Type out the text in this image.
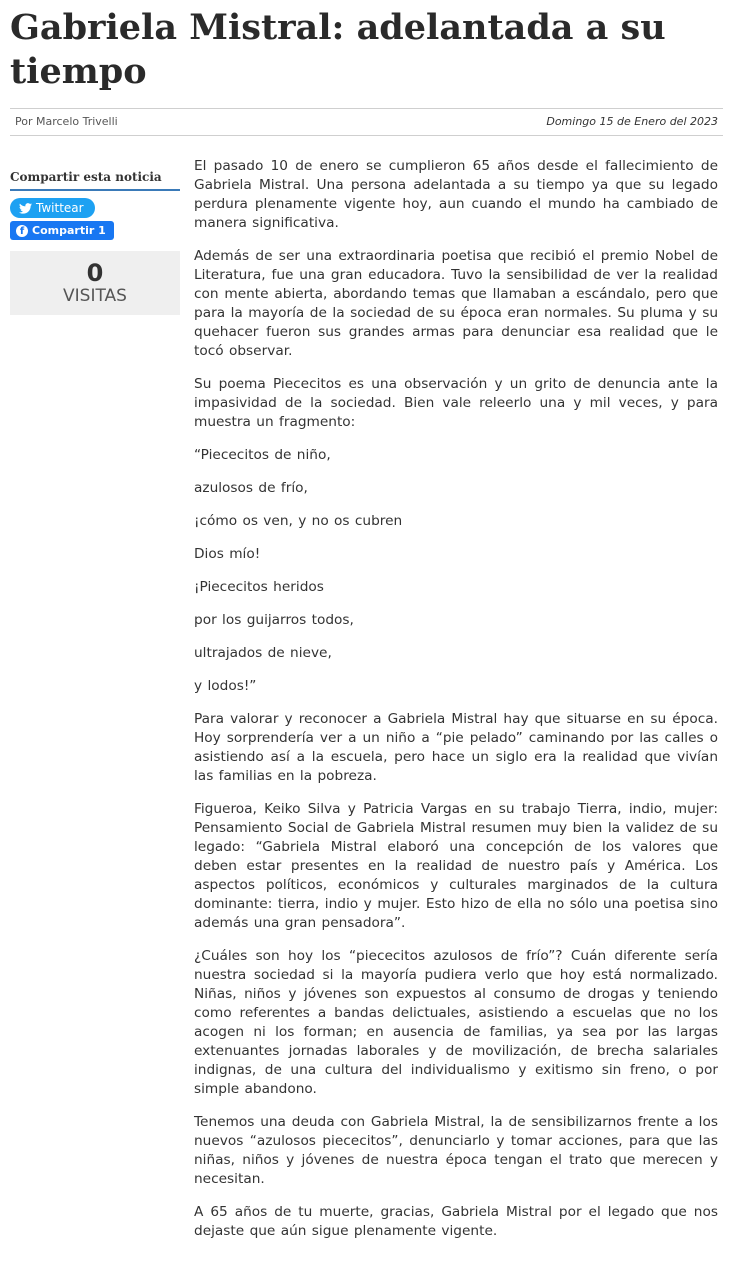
Gabriela Mistral: adelantada a su tiempo
Por Marcelo Trivelli	Domingo 15 de Enero del 2023
Compartir esta noticia
Twittear
f Compartir 1
0
VISITAS

El pasado 10 de enero se cumplieron 65 años desde el fallecimiento de Gabriela Mistral. Una persona adelantada a su tiempo ya que su legado perdura plenamente vigente hoy, aun cuando el mundo ha cambiado de manera significativa.

Además de ser una extraordinaria poetisa que recibió el premio Nobel de Literatura, fue una gran educadora. Tuvo la sensibilidad de ver la realidad con mente abierta, abordando temas que llamaban a escándalo, pero que para la mayoría de la sociedad de su época eran normales. Su pluma y su quehacer fueron sus grandes armas para denunciar esa realidad que le tocó observar.

Su poema Piececitos es una observación y un grito de denuncia ante la impasividad de la sociedad. Bien vale releerlo una y mil veces, y para muestra un fragmento:

“Piececitos de niño,

azulosos de frío,

¡cómo os ven, y no os cubren

Dios mío!

¡Piececitos heridos

por los guijarros todos,

ultrajados de nieve,

y lodos!”

Para valorar y reconocer a Gabriela Mistral hay que situarse en su época. Hoy sorprendería ver a un niño a “pie pelado” caminando por las calles o asistiendo así a la escuela, pero hace un siglo era la realidad que vivían las familias en la pobreza.

Figueroa, Keiko Silva y Patricia Vargas en su trabajo Tierra, indio, mujer: Pensamiento Social de Gabriela Mistral resumen muy bien la validez de su legado: “Gabriela Mistral elaboró una concepción de los valores que deben estar presentes en la realidad de nuestro país y América. Los aspectos políticos, económicos y culturales marginados de la cultura dominante: tierra, indio y mujer. Esto hizo de ella no sólo una poetisa sino además una gran pensadora”.

¿Cuáles son hoy los “piececitos azulosos de frío”? Cuán diferente sería nuestra sociedad si la mayoría pudiera verlo que hoy está normalizado. Niñas, niños y jóvenes son expuestos al consumo de drogas y teniendo como referentes a bandas delictuales, asistiendo a escuelas que no los acogen ni los forman; en ausencia de familias, ya sea por las largas extenuantes jornadas laborales y de movilización, de brecha salariales indignas, de una cultura del individualismo y exitismo sin freno, o por simple abandono.

Tenemos una deuda con Gabriela Mistral, la de sensibilizarnos frente a los nuevos “azulosos piececitos”, denunciarlo y tomar acciones, para que las niñas, niños y jóvenes de nuestra época tengan el trato que merecen y necesitan.

A 65 años de tu muerte, gracias, Gabriela Mistral por el legado que nos dejaste que aún sigue plenamente vigente.
